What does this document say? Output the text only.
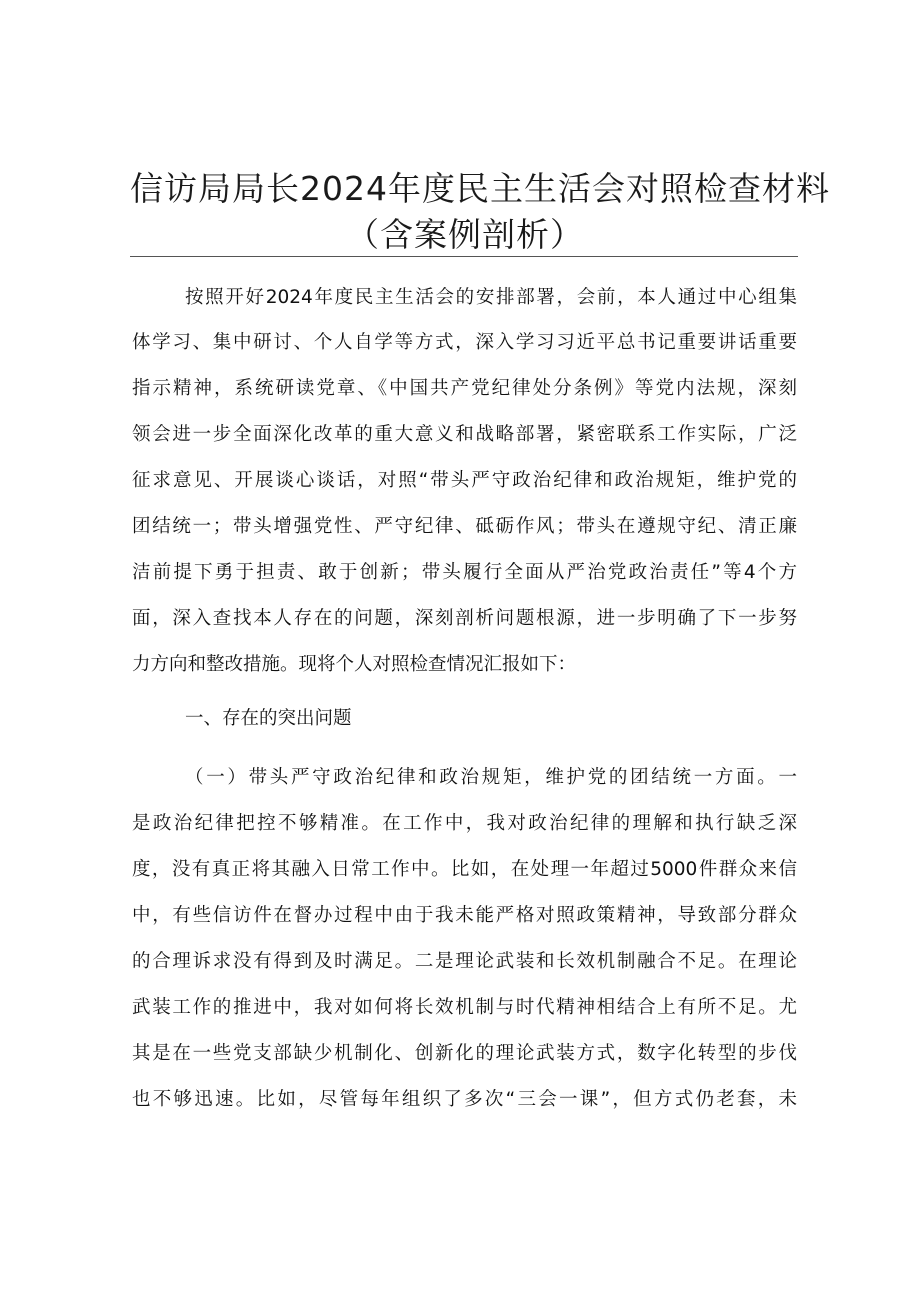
信访局局长2024年度民主生活会对照检查材料
（含案例剖析）
按照开好2024年度民主生活会的安排部署，会前，本人通过中心组集
体学习、集中研讨、个人自学等方式，深入学习习近平总书记重要讲话重要
指示精神，系统研读党章、《中国共产党纪律处分条例》等党内法规，深刻
领会进一步全面深化改革的重大意义和战略部署，紧密联系工作实际，广泛
征求意见、开展谈心谈话，对照“带头严守政治纪律和政治规矩，维护党的
团结统一；带头增强党性、严守纪律、砥砺作风；带头在遵规守纪、清正廉
洁前提下勇于担责、敢于创新；带头履行全面从严治党政治责任”等4个方
面，深入查找本人存在的问题，深刻剖析问题根源，进一步明确了下一步努
力方向和整改措施。现将个人对照检查情况汇报如下：
一、存在的突出问题
（一）带头严守政治纪律和政治规矩，维护党的团结统一方面。一
是政治纪律把控不够精准。在工作中，我对政治纪律的理解和执行缺乏深
度，没有真正将其融入日常工作中。比如，在处理一年超过5000件群众来信
中，有些信访件在督办过程中由于我未能严格对照政策精神，导致部分群众
的合理诉求没有得到及时满足。二是理论武装和长效机制融合不足。在理论
武装工作的推进中，我对如何将长效机制与时代精神相结合上有所不足。尤
其是在一些党支部缺少机制化、创新化的理论武装方式，数字化转型的步伐
也不够迅速。比如，尽管每年组织了多次“三会一课”，但方式仍老套，未
